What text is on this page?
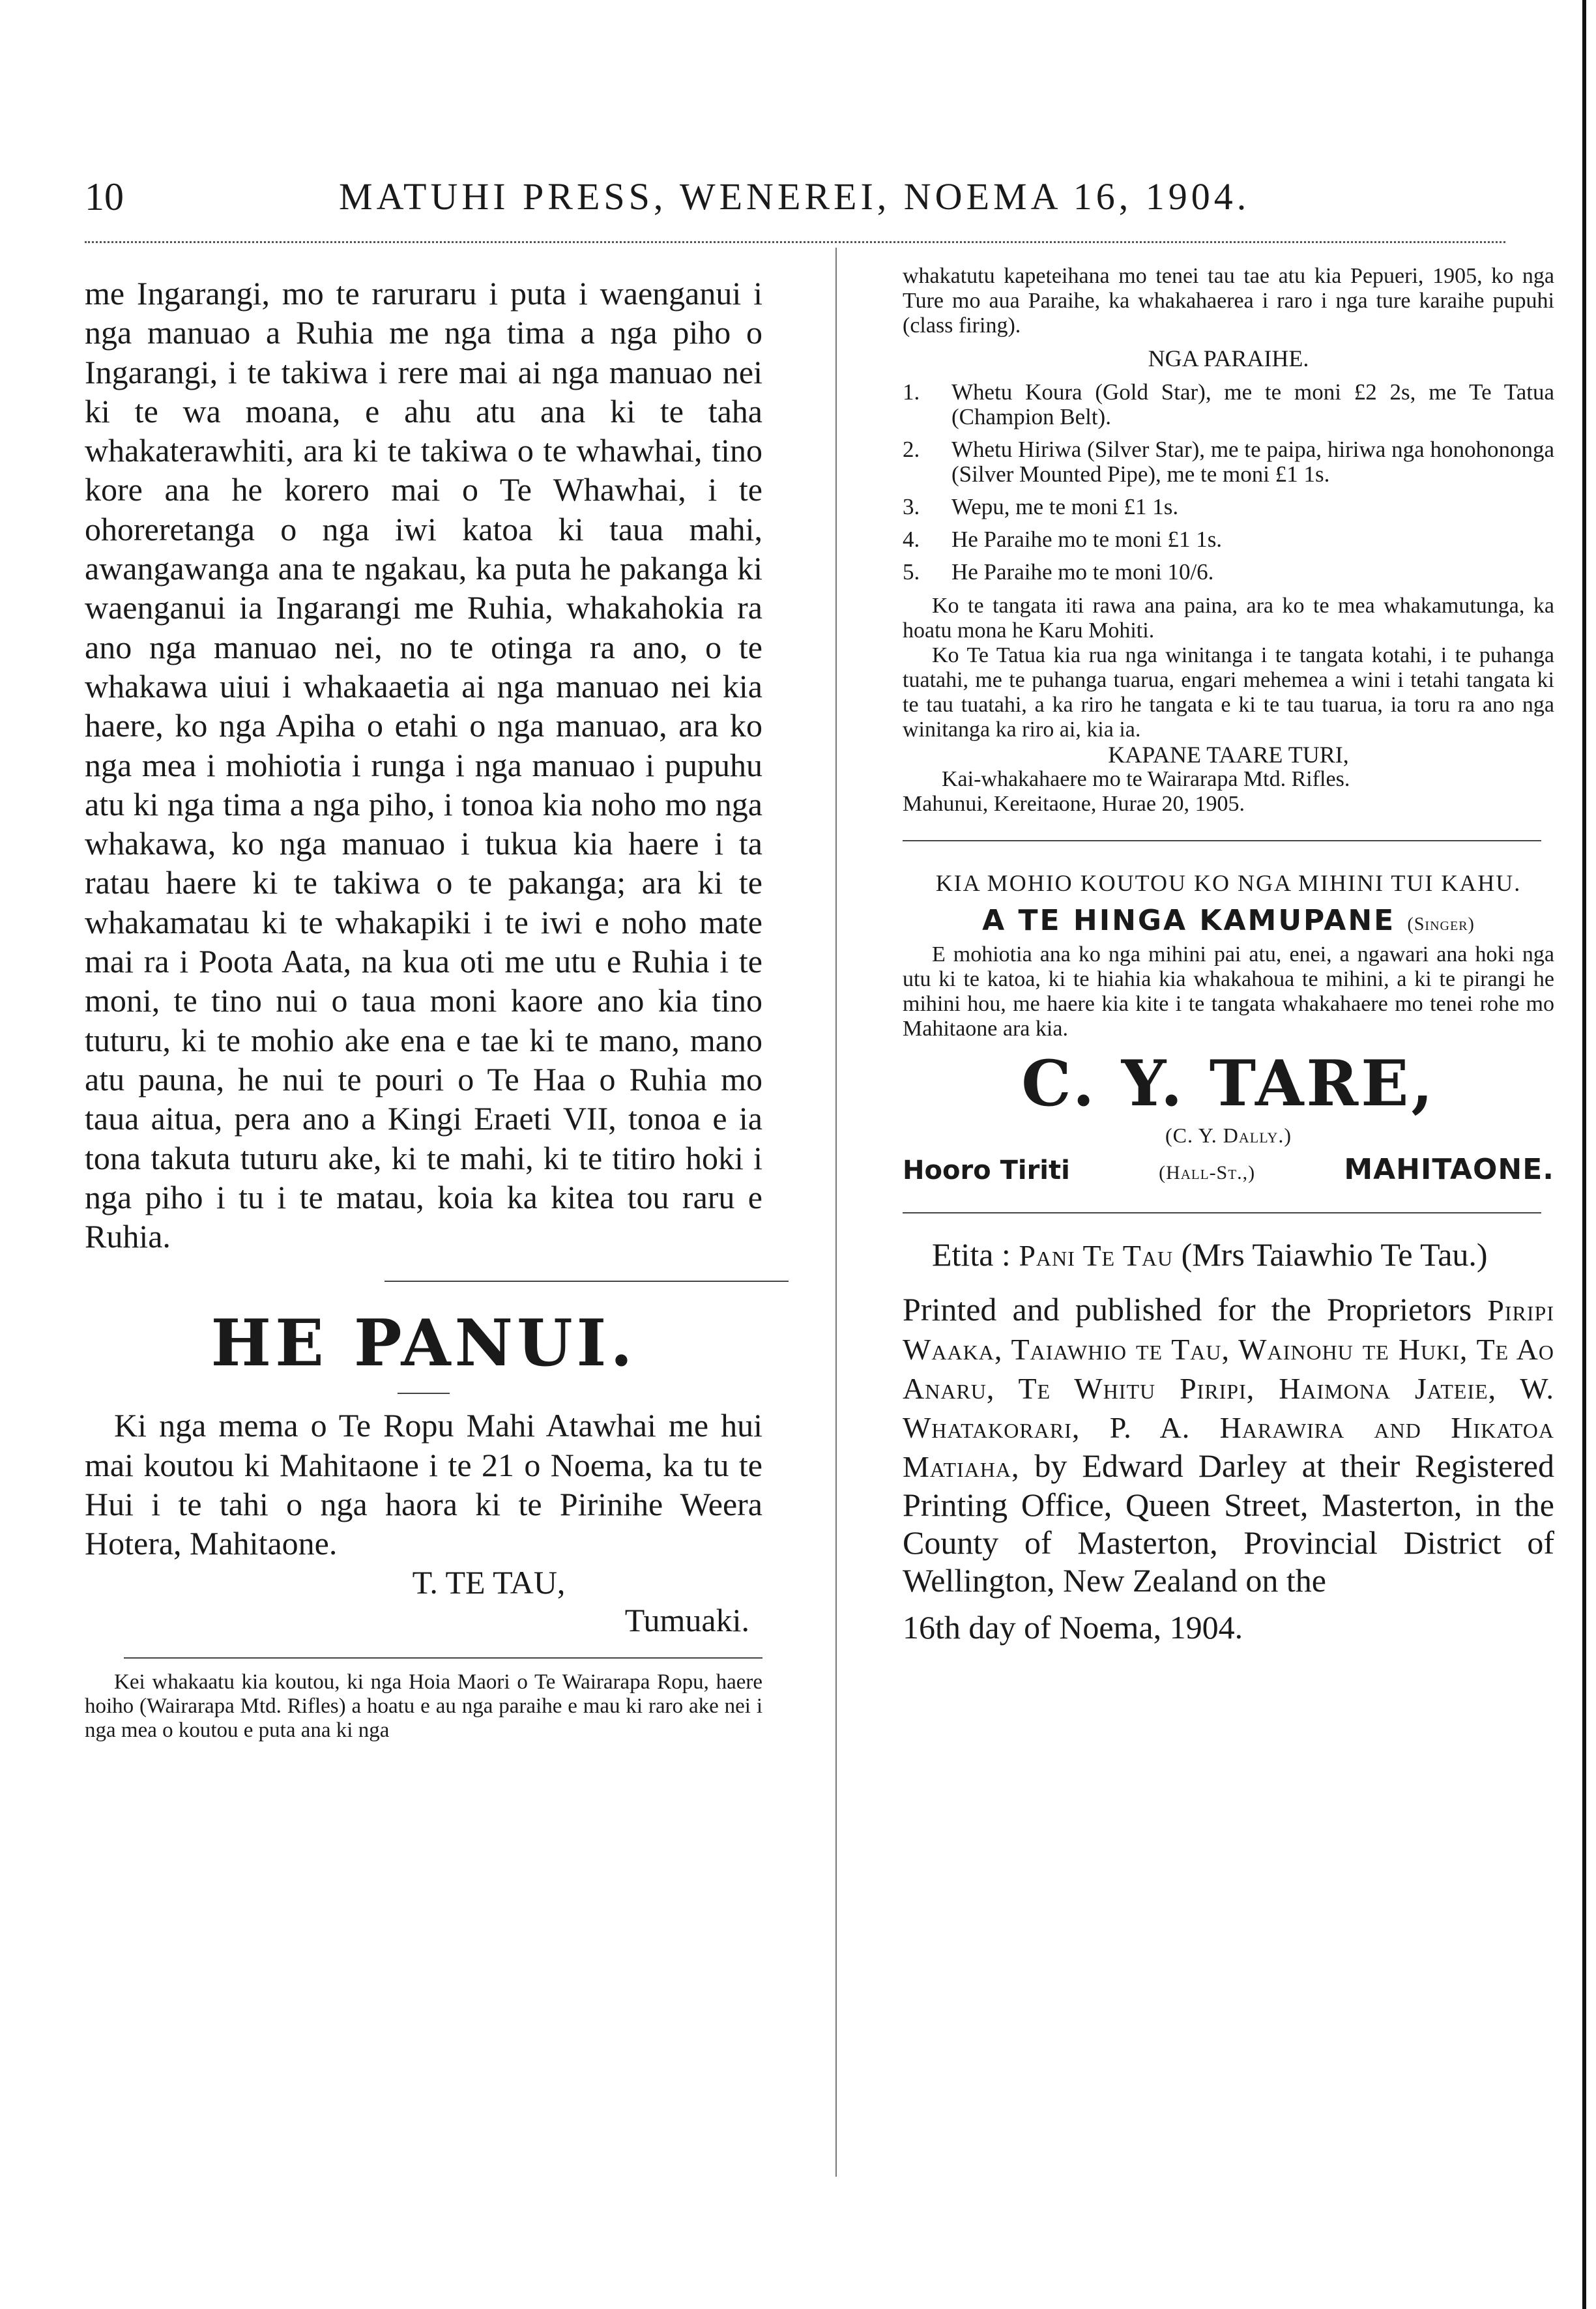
10	MATUHI PRESS, WENEREI, NOEMA 16, 1904.

me Ingarangi, mo te raruraru i puta i waenganui i nga manuao a Ruhia me nga tima a nga piho o Ingarangi, i te takiwa i rere mai ai nga manuao nei ki te wa moana, e ahu atu ana ki te taha whakaterawhiti, ara ki te takiwa o te whawhai, tino kore ana he korero mai o Te Whawhai, i te ohoreretanga o nga iwi katoa ki taua mahi, awangawanga ana te ngakau, ka puta he pakanga ki waenganui ia Ingarangi me Ruhia, whakahokia ra ano nga manuao nei, no te otinga ra ano, o te whakawa uiui i whakaaetia ai nga manuao nei kia haere, ko nga Apiha o etahi o nga manuao, ara ko nga mea i mohiotia i runga i nga manuao i pupuhu atu ki nga tima a nga piho, i tonoa kia noho mo nga whakawa, ko nga manuao i tukua kia haere i ta ratau haere ki te takiwa o te pakanga; ara ki te whakamatau ki te whakapiki i te iwi e noho mate mai ra i Poota Aata, na kua oti me utu e Ruhia i te moni, te tino nui o taua moni kaore ano kia tino tuturu, ki te mohio ake ena e tae ki te mano, mano atu pauna, he nui te pouri o Te Haa o Ruhia mo taua aitua, pera ano a Kingi Eraeti VII, tonoa e ia tona takuta tuturu ake, ki te mahi, ki te titiro hoki i nga piho i tu i te matau, koia ka kitea tou raru e Ruhia.

HE PANUI.

Ki nga mema o Te Ropu Mahi Atawhai me hui mai koutou ki Mahitaone i te 21 o Noema, ka tu te Hui i te tahi o nga haora ki te Pirinihe Weera Hotera, Mahitaone.

T. TE TAU,

Tumuaki.

Kei whakaatu kia koutou, ki nga Hoia Maori o Te Wairarapa Ropu, haere hoiho (Wairarapa Mtd. Rifles) a hoatu e au nga paraihe e mau ki raro ake nei i nga mea o koutou e puta ana ki nga

whakatutu kapeteihana mo tenei tau tae atu kia Pepueri, 1905, ko nga Ture mo aua Paraihe, ka whakahaerea i raro i nga ture karaihe pupuhi (class firing).

NGA PARAIHE.

1.	Whetu Koura (Gold Star), me te moni £2 2s, me Te Tatua (Champion Belt).
2.	Whetu Hiriwa (Silver Star), me te paipa, hiriwa nga honohononga (Silver Mounted Pipe), me te moni £1 1s.
3.	Wepu, me te moni £1 1s.
4.	He Paraihe mo te moni £1 1s.
5.	He Paraihe mo te moni 10/6.

Ko te tangata iti rawa ana paina, ara ko te mea whakamutunga, ka hoatu mona he Karu Mohiti.

Ko Te Tatua kia rua nga winitanga i te tangata kotahi, i te puhanga tuatahi, me te puhanga tuarua, engari mehemea a wini i tetahi tangata ki te tau tuatahi, a ka riro he tangata e ki te tau tuarua, ia toru ra ano nga winitanga ka riro ai, kia ia.

KAPANE TAARE TURI,

Kai-whakahaere mo te Wairarapa Mtd. Rifles.

Mahunui, Kereitaone, Hurae 20, 1905.

KIA MOHIO KOUTOU KO NGA MIHINI TUI KAHU.

A TE HINGA KAMUPANE (Singer)

E mohiotia ana ko nga mihini pai atu, enei, a ngawari ana hoki nga utu ki te katoa, ki te hiahia kia whakahoua te mihini, a ki te pirangi he mihini hou, me haere kia kite i te tangata whakahaere mo tenei rohe mo Mahitaone ara kia.

C. Y. TARE,

(C. Y. Dally.)

Hooro Tiriti	(Hall-St.,)	MAHITAONE.

Etita : Pani Te Tau (Mrs Taiawhio Te Tau.)

Printed and published for the Proprietors Piripi Waaka, Taiawhio te Tau, Wainohu te Huki, Te Ao Anaru, Te Whitu Piripi, Haimona Jateie, W. Whatakorari, P. A. Harawira and Hikatoa Matiaha, by Edward Darley at their Registered Printing Office, Queen Street, Masterton, in the County of Masterton, Provincial District of Wellington, New Zealand on the

16th day of Noema, 1904.
